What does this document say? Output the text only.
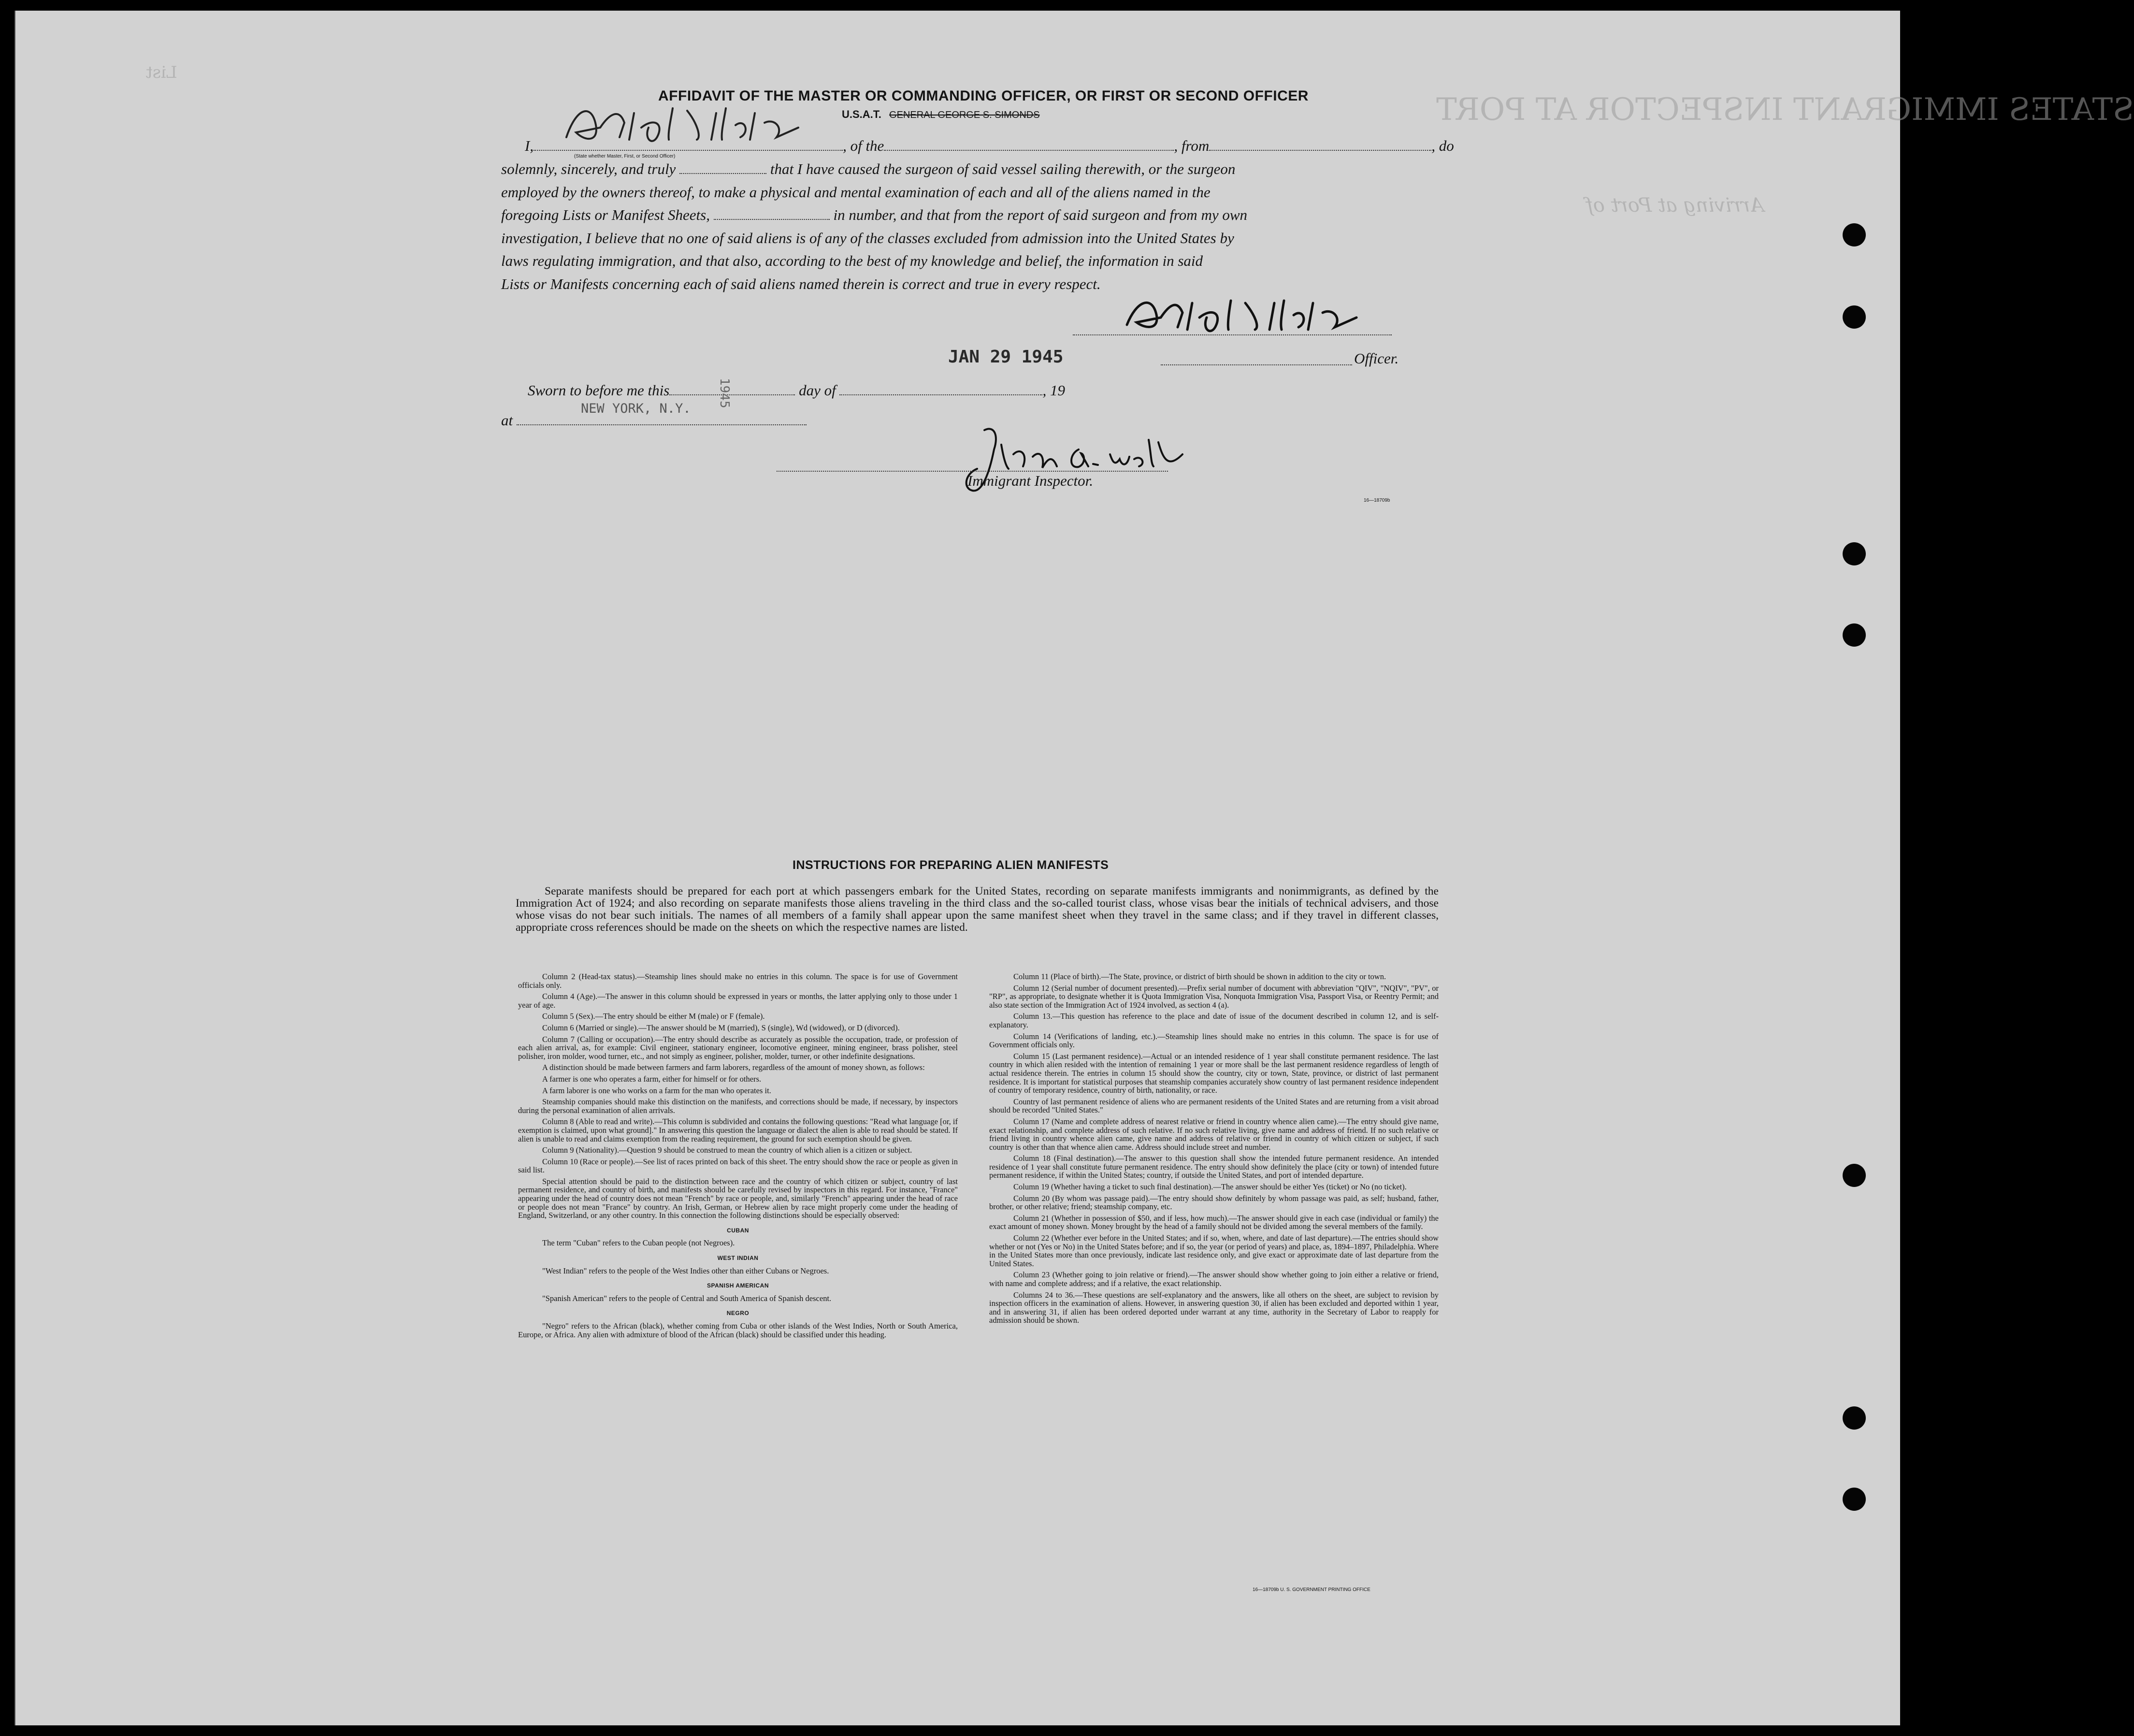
STATES IMMIGRANT INSPECTOR AT PORT
Arriving at Port of
List
AFFIDAVIT OF THE MASTER OR COMMANDING OFFICER, OR FIRST OR SECOND OFFICER
U.S.A.T. GENERAL GEORGE S. SIMONDS
I,	, of the	, from	, do
(State whether Master, First, or Second Officer)
solemnly, sincerely, and truly	that I have caused the surgeon of said vessel sailing therewith, or the surgeon
employed by the owners thereof, to make a physical and mental examination of each and all of the aliens named in the
foregoing Lists or Manifest Sheets,	in number, and that from the report of said surgeon and from my own
investigation, I believe that no one of said aliens is of any of the classes excluded from admission into the United States by
laws regulating immigration, and that also, according to the best of my knowledge and belief, the information in said
Lists or Manifests concerning each of said aliens named therein is correct and true in every respect.
JAN 29 1945	Officer.
Sworn to before me this	day of	, 19
at
NEW YORK, N.Y.
1945
Immigrant Inspector.
16—18709b
INSTRUCTIONS FOR PREPARING ALIEN MANIFESTS

Separate manifests should be prepared for each port at which passengers embark for the United States, recording on separate manifests immigrants and nonimmigrants, as defined by the Immigration Act of 1924; and also recording on separate manifests those aliens traveling in the third class and the so-called tourist class, whose visas bear the initials of technical advisers, and those whose visas do not bear such initials. The names of all members of a family shall appear upon the same manifest sheet when they travel in the same class; and if they travel in different classes, appropriate cross references should be made on the sheets on which the respective names are listed.

Column 2 (Head-tax status).—Steamship lines should make no entries in this column. The space is for use of Government officials only.

Column 4 (Age).—The answer in this column should be expressed in years or months, the latter applying only to those under 1 year of age.

Column 5 (Sex).—The entry should be either M (male) or F (female).

Column 6 (Married or single).—The answer should be M (married), S (single), Wd (widowed), or D (divorced).

Column 7 (Calling or occupation).—The entry should describe as accurately as possible the occupation, trade, or profession of each alien arrival, as, for example: Civil engineer, stationary engineer, locomotive engineer, mining engineer, brass polisher, steel polisher, iron molder, wood turner, etc., and not simply as engineer, polisher, molder, turner, or other indefinite designations.

A distinction should be made between farmers and farm laborers, regardless of the amount of money shown, as follows:

A farmer is one who operates a farm, either for himself or for others.

A farm laborer is one who works on a farm for the man who operates it.

Steamship companies should make this distinction on the manifests, and corrections should be made, if necessary, by inspectors during the personal examination of alien arrivals.

Column 8 (Able to read and write).—This column is subdivided and contains the following questions: "Read what language [or, if exemption is claimed, upon what ground]." In answering this question the language or dialect the alien is able to read should be stated. If alien is unable to read and claims exemption from the reading requirement, the ground for such exemption should be given.

Column 9 (Nationality).—Question 9 should be construed to mean the country of which alien is a citizen or subject.

Column 10 (Race or people).—See list of races printed on back of this sheet. The entry should show the race or people as given in said list.

Special attention should be paid to the distinction between race and the country of which citizen or subject, country of last permanent residence, and country of birth, and manifests should be carefully revised by inspectors in this regard. For instance, "France" appearing under the head of country does not mean "French" by race or people, and, similarly "French" appearing under the head of race or people does not mean "France" by country. An Irish, German, or Hebrew alien by race might properly come under the heading of England, Switzerland, or any other country. In this connection the following distinctions should be especially observed:

CUBAN

The term "Cuban" refers to the Cuban people (not Negroes).

WEST INDIAN

"West Indian" refers to the people of the West Indies other than either Cubans or Negroes.

SPANISH AMERICAN

"Spanish American" refers to the people of Central and South America of Spanish descent.

NEGRO

"Negro" refers to the African (black), whether coming from Cuba or other islands of the West Indies, North or South America, Europe, or Africa. Any alien with admixture of blood of the African (black) should be classified under this heading.

Column 11 (Place of birth).—The State, province, or district of birth should be shown in addition to the city or town.

Column 12 (Serial number of document presented).—Prefix serial number of document with abbreviation "QIV", "NQIV", "PV", or "RP", as appropriate, to designate whether it is Quota Immigration Visa, Nonquota Immigration Visa, Passport Visa, or Reentry Permit; and also state section of the Immigration Act of 1924 involved, as section 4 (a).

Column 13.—This question has reference to the place and date of issue of the document described in column 12, and is self-explanatory.

Column 14 (Verifications of landing, etc.).—Steamship lines should make no entries in this column. The space is for use of Government officials only.

Column 15 (Last permanent residence).—Actual or an intended residence of 1 year shall constitute permanent residence. The last country in which alien resided with the intention of remaining 1 year or more shall be the last permanent residence regardless of length of actual residence therein. The entries in column 15 should show the country, city or town, State, province, or district of last permanent residence. It is important for statistical purposes that steamship companies accurately show country of last permanent residence independent of country of temporary residence, country of birth, nationality, or race.

Country of last permanent residence of aliens who are permanent residents of the United States and are returning from a visit abroad should be recorded "United States."

Column 17 (Name and complete address of nearest relative or friend in country whence alien came).—The entry should give name, exact relationship, and complete address of such relative. If no such relative living, give name and address of friend. If no such relative or friend living in country whence alien came, give name and address of relative or friend in country of which citizen or subject, if such country is other than that whence alien came. Address should include street and number.

Column 18 (Final destination).—The answer to this question shall show the intended future permanent residence. An intended residence of 1 year shall constitute future permanent residence. The entry should show definitely the place (city or town) of intended future permanent residence, if within the United States; country, if outside the United States, and port of intended departure.

Column 19 (Whether having a ticket to such final destination).—The answer should be either Yes (ticket) or No (no ticket).

Column 20 (By whom was passage paid).—The entry should show definitely by whom passage was paid, as self; husband, father, brother, or other relative; friend; steamship company, etc.

Column 21 (Whether in possession of $50, and if less, how much).—The answer should give in each case (individual or family) the exact amount of money shown. Money brought by the head of a family should not be divided among the several members of the family.

Column 22 (Whether ever before in the United States; and if so, when, where, and date of last departure).—The entries should show whether or not (Yes or No) in the United States before; and if so, the year (or period of years) and place, as, 1894–1897, Philadelphia. Where in the United States more than once previously, indicate last residence only, and give exact or approximate date of last departure from the United States.

Column 23 (Whether going to join relative or friend).—The answer should show whether going to join either a relative or friend, with name and complete address; and if a relative, the exact relationship.

Columns 24 to 36.—These questions are self-explanatory and the answers, like all others on the sheet, are subject to revision by inspection officers in the examination of aliens. However, in answering question 30, if alien has been excluded and deported within 1 year, and in answering 31, if alien has been ordered deported under warrant at any time, authority in the Secretary of Labor to reapply for admission should be shown.

16—18709b U. S. GOVERNMENT PRINTING OFFICE
